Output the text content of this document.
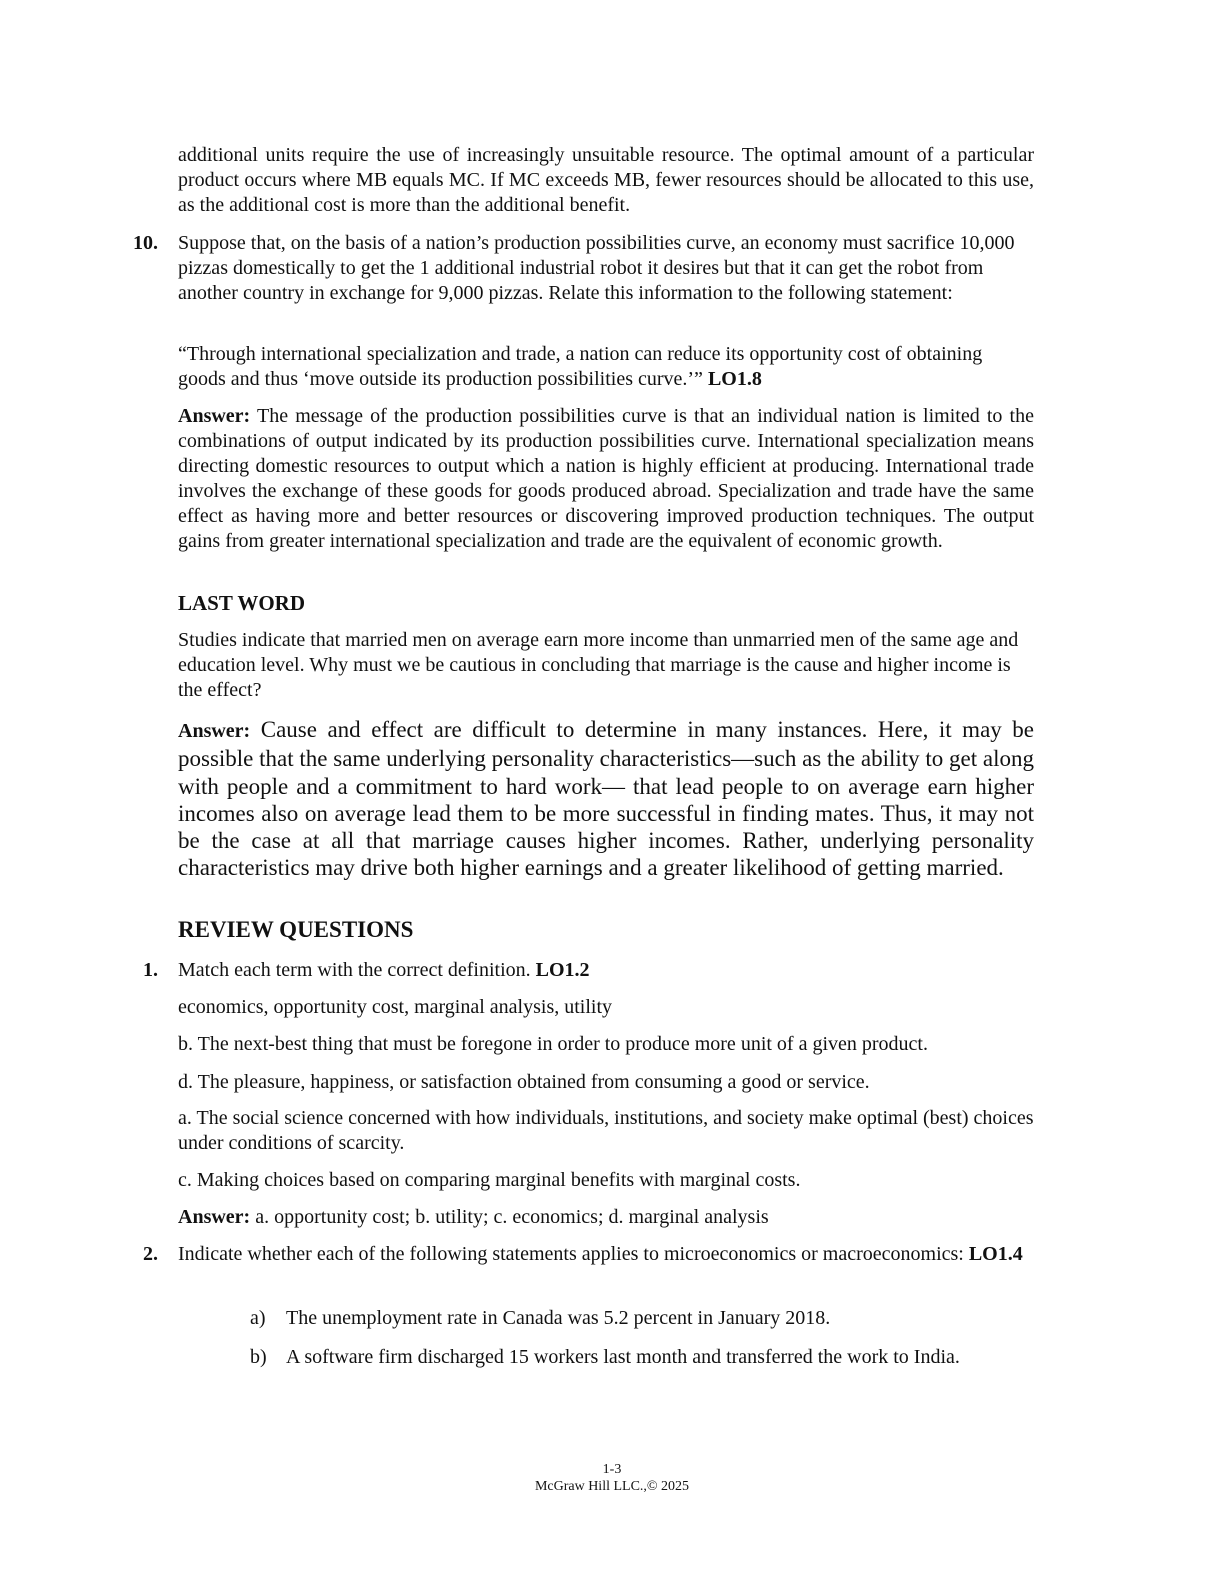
additional units require the use of increasingly unsuitable resource. The optimal amount of a particular product occurs where MB equals MC. If MC exceeds MB, fewer resources should be allocated to this use, as the additional cost is more than the additional benefit.

10. Suppose that, on the basis of a nation’s production possibilities curve, an economy must sacrifice 10,000 pizzas domestically to get the 1 additional industrial robot it desires but that it can get the robot from another country in exchange for 9,000 pizzas. Relate this information to the following statement:

“Through international specialization and trade, a nation can reduce its opportunity cost of obtaining goods and thus ‘move outside its production possibilities curve.’” LO1.8

Answer: The message of the production possibilities curve is that an individual nation is limited to the combinations of output indicated by its production possibilities curve. International specialization means directing domestic resources to output which a nation is highly efficient at producing. International trade involves the exchange of these goods for goods produced abroad. Specialization and trade have the same effect as having more and better resources or discovering improved production techniques. The output gains from greater international specialization and trade are the equivalent of economic growth.

LAST WORD

Studies indicate that married men on average earn more income than unmarried men of the same age and education level. Why must we be cautious in concluding that marriage is the cause and higher income is the effect?

Answer: Cause and effect are difficult to determine in many instances. Here, it may be possible that the same underlying personality characteristics—such as the ability to get along with people and a commitment to hard work— that lead people to on average earn higher incomes also on average lead them to be more successful in finding mates. Thus, it may not be the case at all that marriage causes higher incomes. Rather, underlying personality characteristics may drive both higher earnings and a greater likelihood of getting married.

REVIEW QUESTIONS
1. Match each term with the correct definition. LO1.2

economics, opportunity cost, marginal analysis, utility

b. The next-best thing that must be foregone in order to produce more unit of a given product.

d. The pleasure, happiness, or satisfaction obtained from consuming a good or service.

a. The social science concerned with how individuals, institutions, and society make optimal (best) choices under conditions of scarcity.

c. Making choices based on comparing marginal benefits with marginal costs.

Answer: a. opportunity cost; b. utility; c. economics; d. marginal analysis

2. Indicate whether each of the following statements applies to microeconomics or macroeconomics: LO1.4

a) The unemployment rate in Canada was 5.2 percent in January 2018.

b) A software firm discharged 15 workers last month and transferred the work to India.

1-3
McGraw Hill LLC.,© 2025
